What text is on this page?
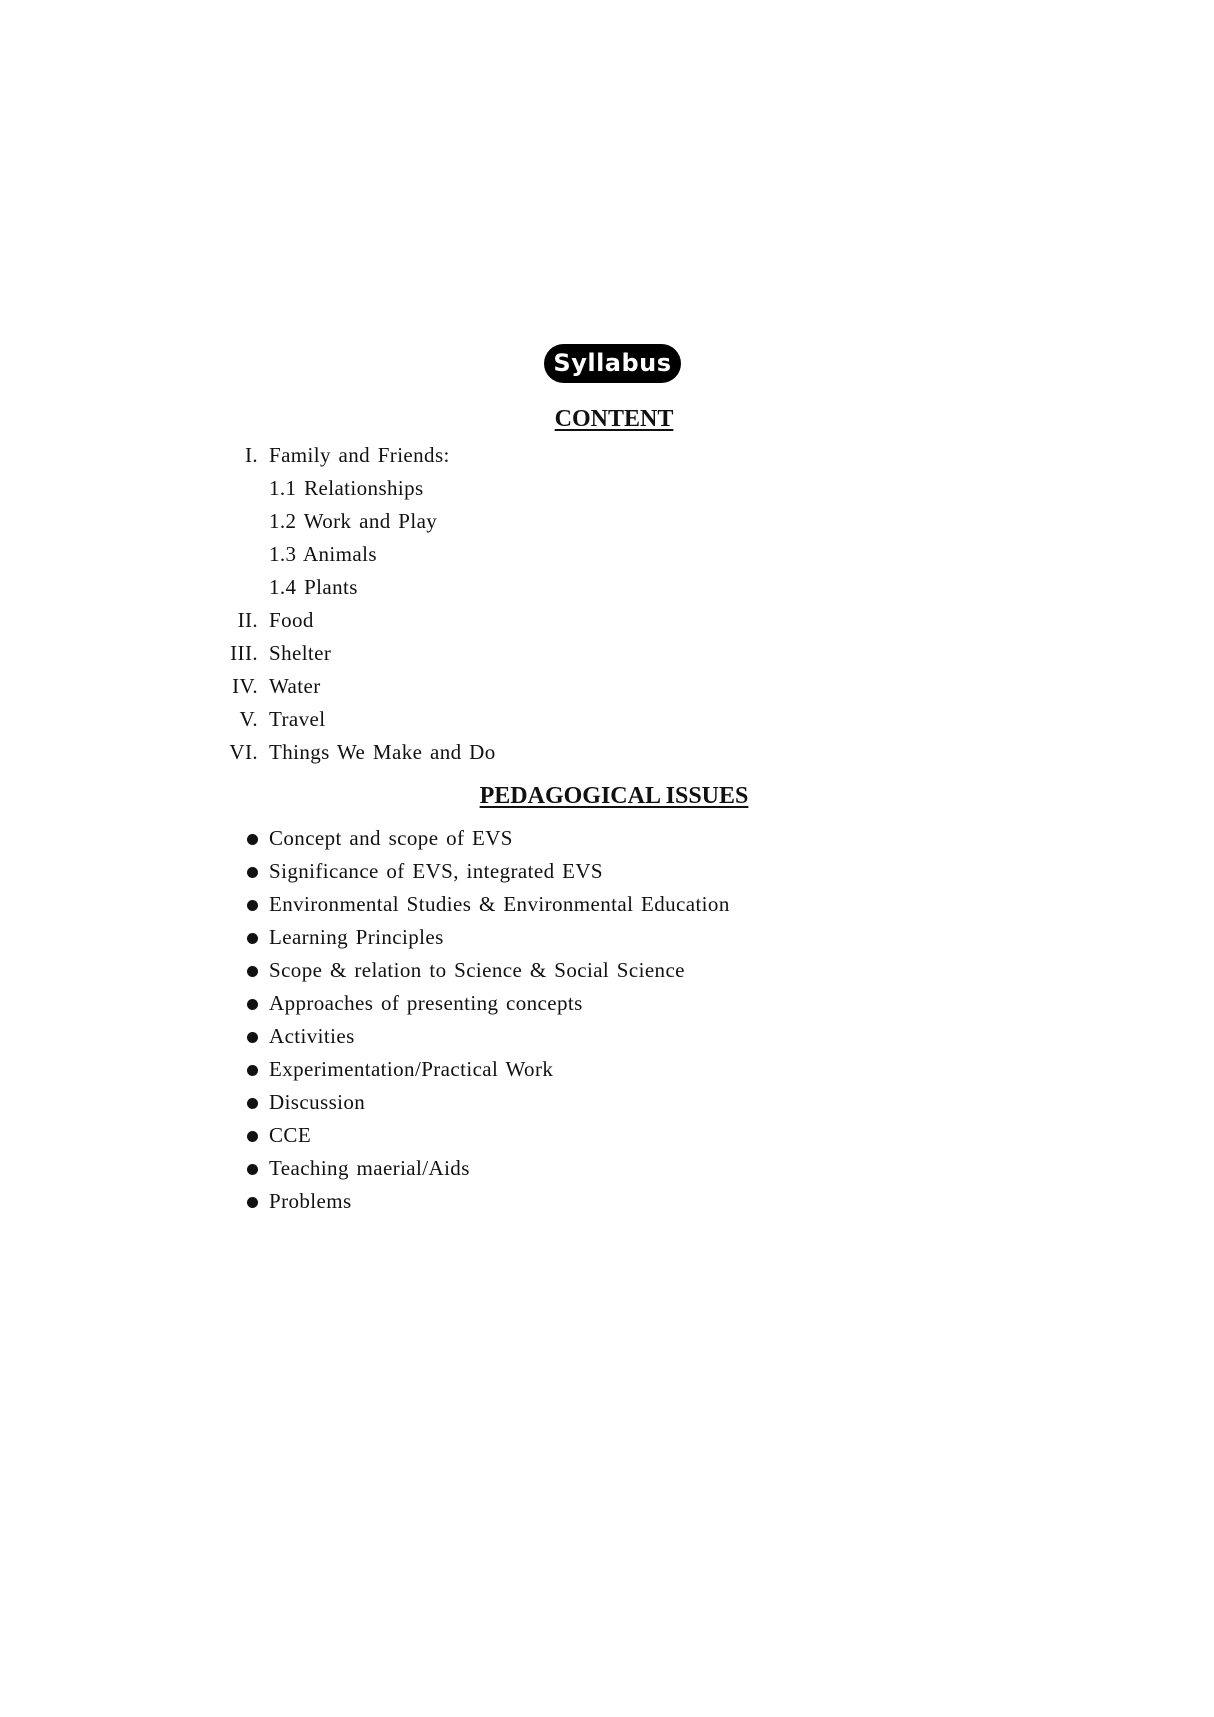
Syllabus
CONTENT
I. Family and Friends:
1.1 Relationships
1.2 Work and Play
1.3 Animals
1.4 Plants
II. Food
III. Shelter
IV. Water
V. Travel
VI. Things We Make and Do
PEDAGOGICAL ISSUES
Concept and scope of EVS
Significance of EVS, integrated EVS
Environmental Studies & Environmental Education
Learning Principles
Scope & relation to Science & Social Science
Approaches of presenting concepts
Activities
Experimentation/Practical Work
Discussion
CCE
Teaching maerial/Aids
Problems
